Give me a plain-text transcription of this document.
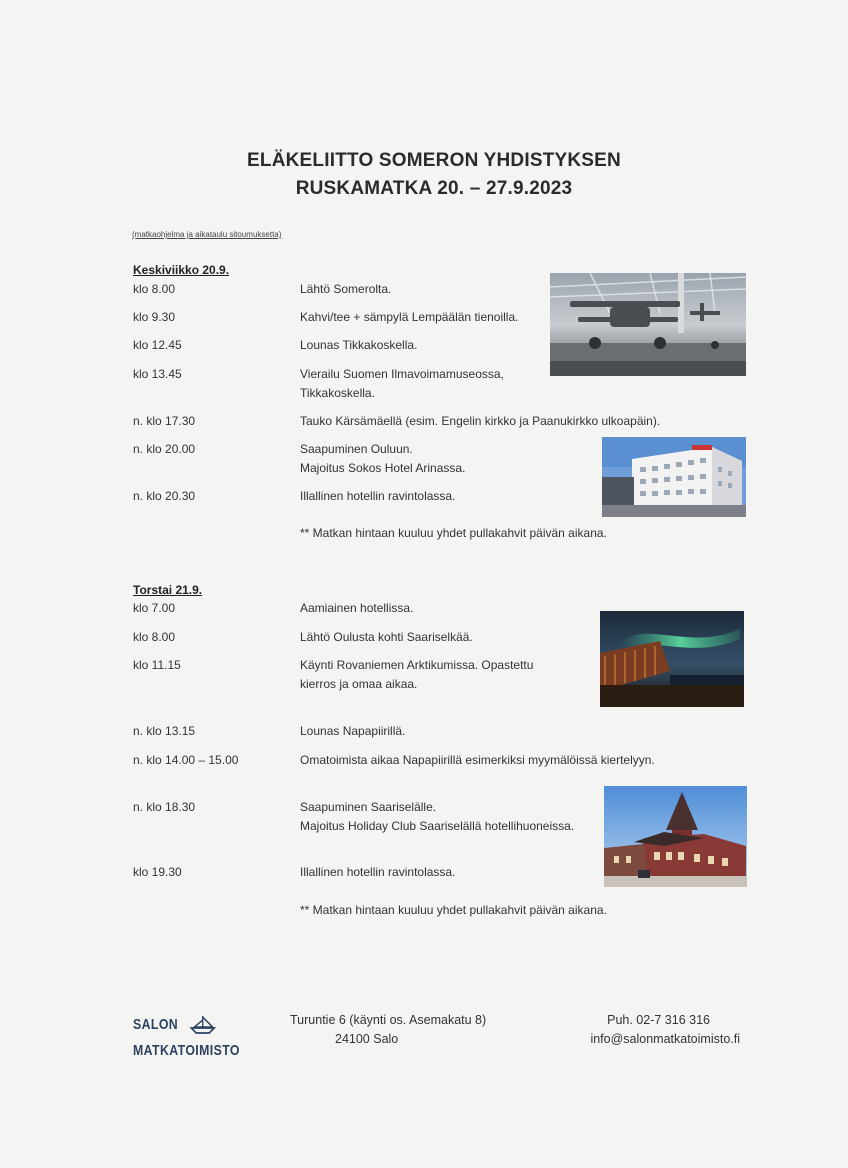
ELÄKELIITTO SOMERON YHDISTYKSEN
RUSKAMATKA 20. – 27.9.2023
(matkaohjelma ja aikataulu sitoumuksetta)
Keskiviikko 20.9.
klo 8.00	Lähtö Somerolta.
klo 9.30	Kahvi/tee + sämpylä Lempäälän tienoilla.
klo 12.45	Lounas Tikkakoskella.
klo 13.45	Vierailu Suomen Ilmavoimamuseossa,
Tikkakoskella.
n. klo 17.30	Tauko Kärsämäellä (esim. Engelin kirkko ja Paanukirkko ulkoapäin).
n. klo 20.00	Saapuminen Ouluun.
Majoitus Sokos Hotel Arinassa.
n. klo 20.30	Illallinen hotellin ravintolassa.
** Matkan hintaan kuuluu yhdet pullakahvit päivän aikana.
Torstai 21.9.
klo 7.00	Aamiainen hotellissa.
klo 8.00	Lähtö Oulusta kohti Saariselkää.
klo 11.15	Käynti Rovaniemen Arktikumissa. Opastettu
kierros ja omaa aikaa.
n. klo 13.15	Lounas Napapiirillä.
n. klo 14.00 – 15.00	Omatoimista aikaa Napapiirillä esimerkiksi myymälöissä kiertelyyn.
n. klo 18.30	Saapuminen Saariselälle.
Majoitus Holiday Club Saariselällä hotellihuoneissa.
klo 19.30	Illallinen hotellin ravintolassa.
** Matkan hintaan kuuluu yhdet pullakahvit päivän aikana.
SALON
MATKATOIMISTO
Turuntie 6 (käynti os. Asemakatu 8)
24100 Salo
Puh. 02-7 316 316
info@salonmatkatoimisto.fi
